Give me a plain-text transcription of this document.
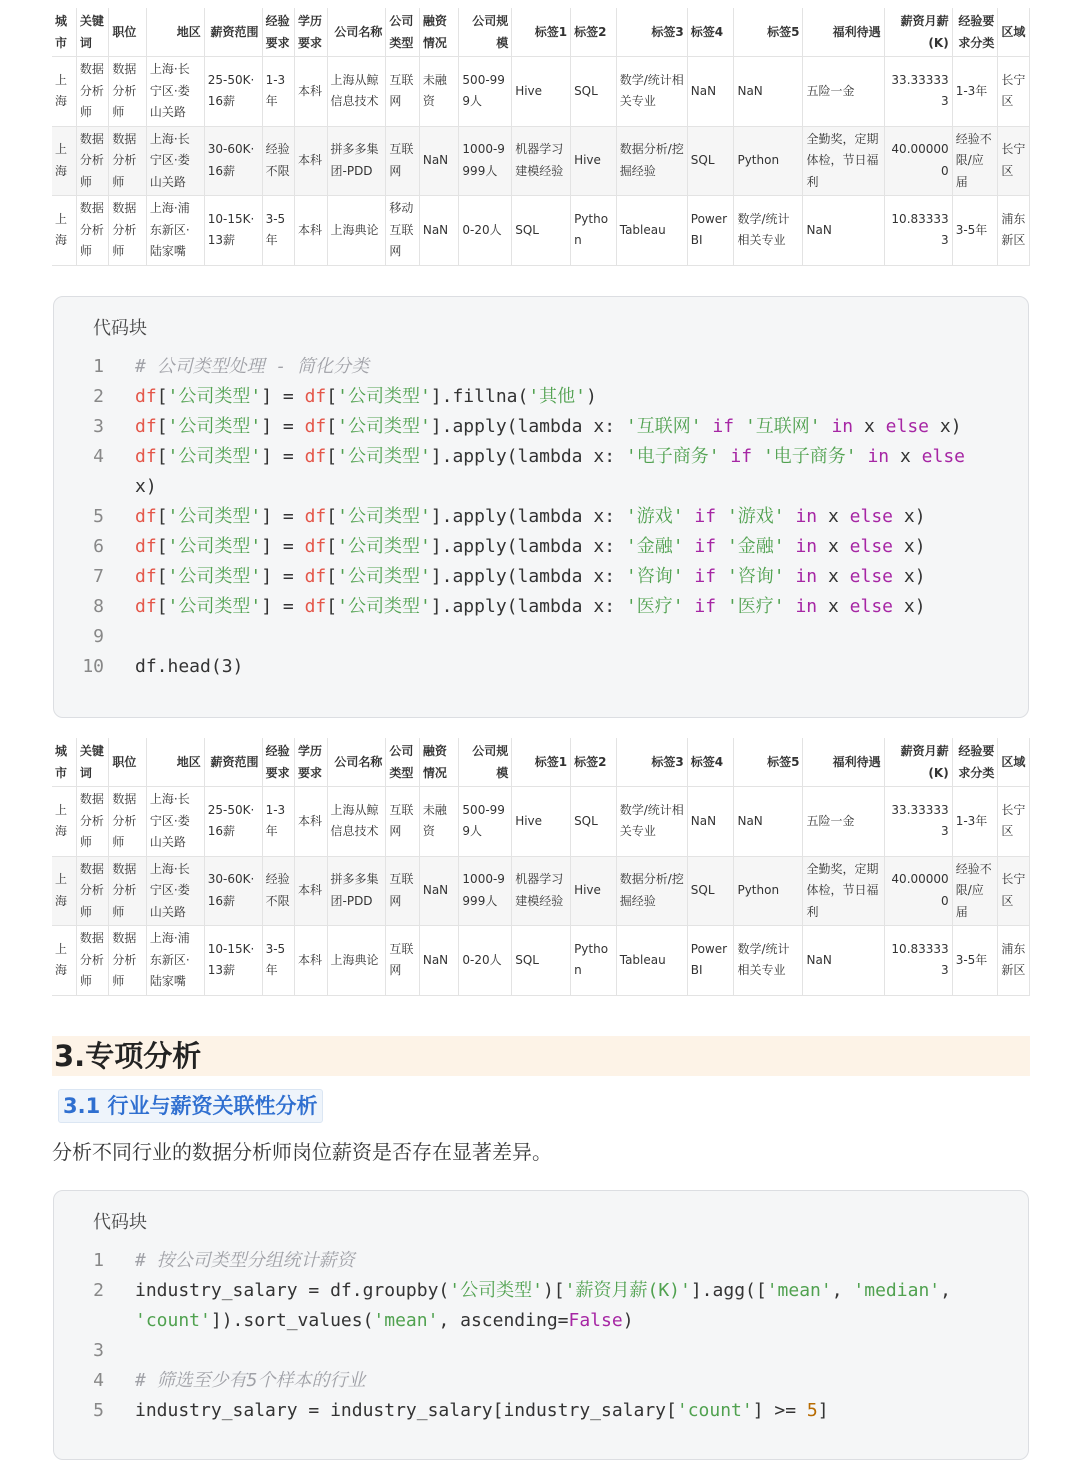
城市	关键词	职位	地区	薪资范围	经验要求	学历要求	公司名称	公司类型	融资情况	公司规模	标签1	标签2	标签3	标签4	标签5	福利待遇	薪资月薪(K)	经验要求分类	区域
上海	数据分析师	数据分析师	上海·长宁区·娄山关路	25-50K·16薪	1-3年	本科	上海从鲸信息技术	互联网	未融资	500-999人	Hive	SQL	数学/统计相关专业	NaN	NaN	五险一金	33.333333	1-3年	长宁区
上海	数据分析师	数据分析师	上海·长宁区·娄山关路	30-60K·16薪	经验不限	本科	拼多多集团-PDD	互联网	NaN	1000-9999人	机器学习建模经验	Hive	数据分析/挖掘经验	SQL	Python	全勤奖，定期体检，节日福利	40.000000	经验不限/应届	长宁区
上海	数据分析师	数据分析师	上海·浦东新区·陆家嘴	10-15K·13薪	3-5年	本科	上海典论	移动互联网	NaN	0-20人	SQL	Python	Tableau	Power BI	数学/统计相关专业	NaN	10.833333	3-5年	浦东新区
代码块
1 # 公司类型处理 - 简化分类
2 df['公司类型'] = df['公司类型'].fillna('其他')
3 df['公司类型'] = df['公司类型'].apply(lambda x: '互联网' if '互联网' in x else x)
4 df['公司类型'] = df['公司类型'].apply(lambda x: '电子商务' if '电子商务' in x else x)
5 df['公司类型'] = df['公司类型'].apply(lambda x: '游戏' if '游戏' in x else x)
6 df['公司类型'] = df['公司类型'].apply(lambda x: '金融' if '金融' in x else x)
7 df['公司类型'] = df['公司类型'].apply(lambda x: '咨询' if '咨询' in x else x)
8 df['公司类型'] = df['公司类型'].apply(lambda x: '医疗' if '医疗' in x else x)
9

10 df.head(3)
城市	关键词	职位	地区	薪资范围	经验要求	学历要求	公司名称	公司类型	融资情况	公司规模	标签1	标签2	标签3	标签4	标签5	福利待遇	薪资月薪(K)	经验要求分类	区域
上海	数据分析师	数据分析师	上海·长宁区·娄山关路	25-50K·16薪	1-3年	本科	上海从鲸信息技术	互联网	未融资	500-999人	Hive	SQL	数学/统计相关专业	NaN	NaN	五险一金	33.333333	1-3年	长宁区
上海	数据分析师	数据分析师	上海·长宁区·娄山关路	30-60K·16薪	经验不限	本科	拼多多集团-PDD	互联网	NaN	1000-9999人	机器学习建模经验	Hive	数据分析/挖掘经验	SQL	Python	全勤奖，定期体检，节日福利	40.000000	经验不限/应届	长宁区
上海	数据分析师	数据分析师	上海·浦东新区·陆家嘴	10-15K·13薪	3-5年	本科	上海典论	互联网	NaN	0-20人	SQL	Python	Tableau	Power BI	数学/统计相关专业	NaN	10.833333	3-5年	浦东新区
3.专项分析
3.1 行业与薪资关联性分析
分析不同行业的数据分析师岗位薪资是否存在显著差异。
代码块
1 # 按公司类型分组统计薪资
2 industry_salary = df.groupby('公司类型')['薪资月薪(K)'].agg(['mean', 'median', 'count']).sort_values('mean', ascending=False)
3

4 # 筛选至少有5个样本的行业
5 industry_salary = industry_salary[industry_salary['count'] >= 5]
